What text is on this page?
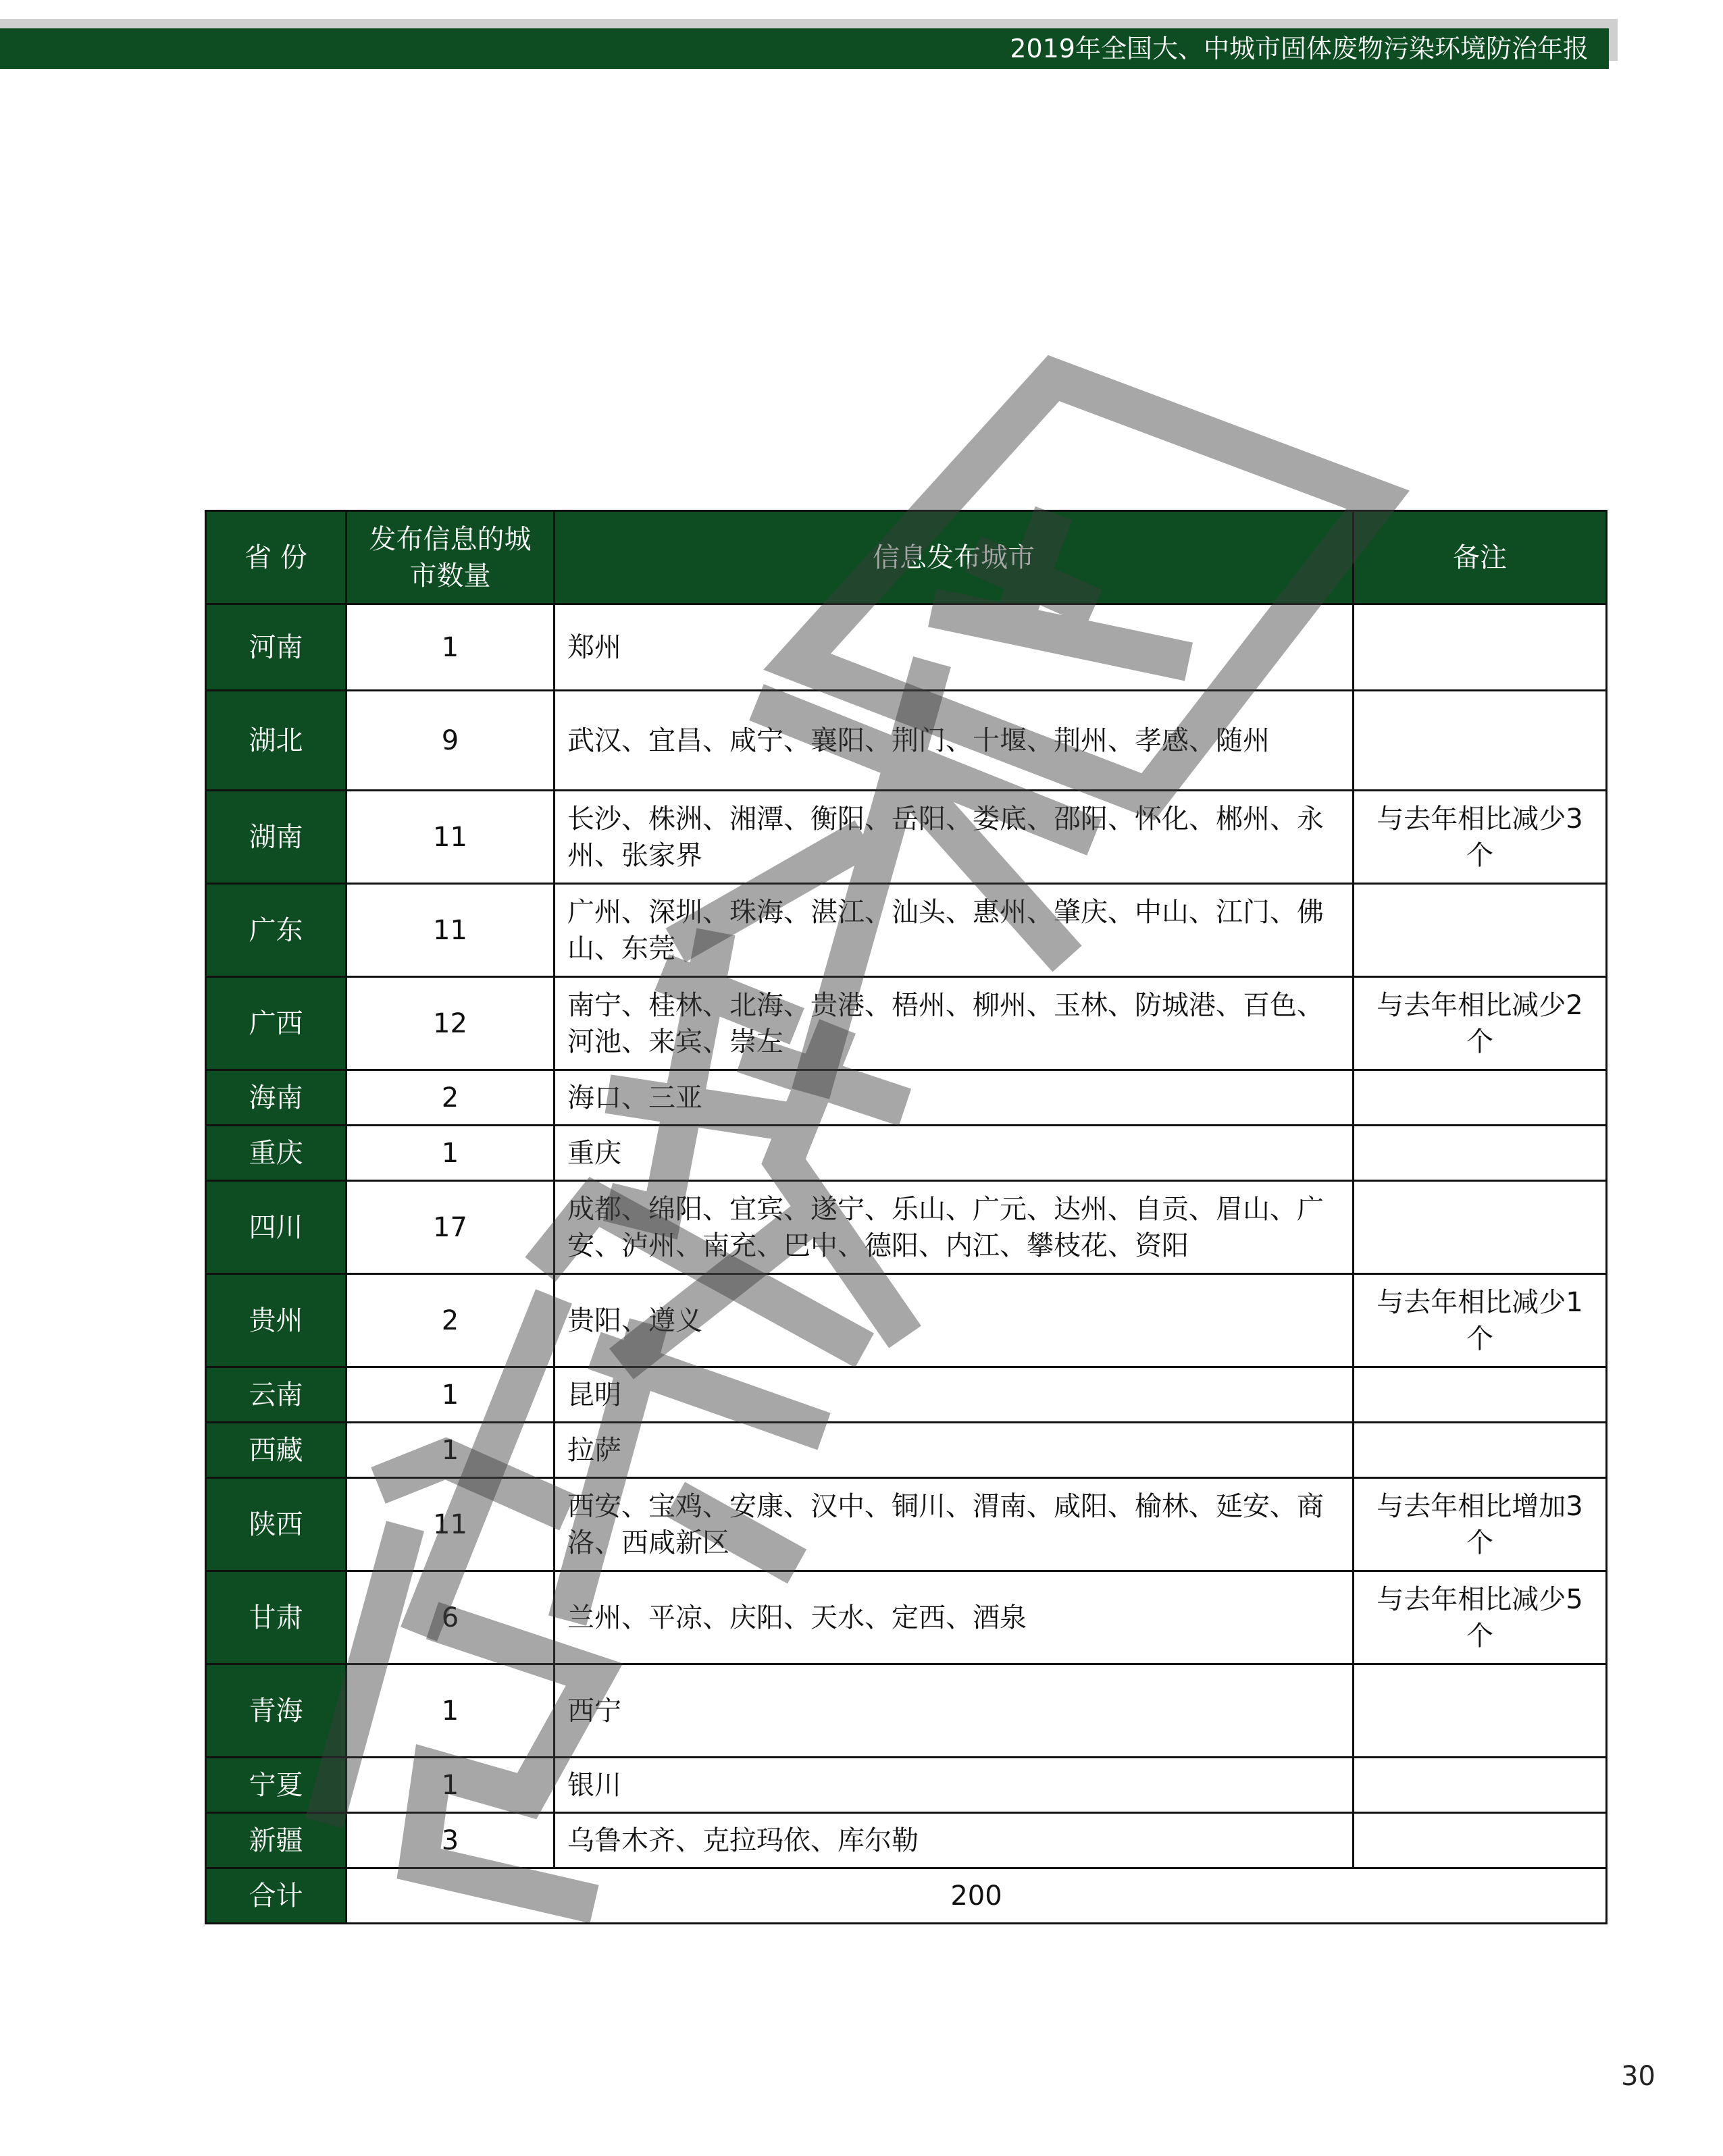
2019年全国大、中城市固体废物污染环境防治年报
省 份	发布信息的城市数量	信息发布城市	备注
河南	1	郑州	
湖北	9	武汉、宜昌、咸宁、襄阳、荆门、十堰、荆州、孝感、随州	
湖南	11	长沙、株洲、湘潭、衡阳、岳阳、娄底、邵阳、怀化、郴州、永州、张家界	与去年相比减少3个
广东	11	广州、深圳、珠海、湛江、汕头、惠州、肇庆、中山、江门、佛山、东莞	
广西	12	南宁、桂林、北海、贵港、梧州、柳州、玉林、防城港、百色、河池、来宾、崇左	与去年相比减少2个
海南	2	海口、三亚	
重庆	1	重庆	
四川	17	成都、绵阳、宜宾、遂宁、乐山、广元、达州、自贡、眉山、广安、泸州、南充、巴中、德阳、内江、攀枝花、资阳	
贵州	2	贵阳、遵义	与去年相比减少1个
云南	1	昆明	
西藏	1	拉萨	
陕西	11	西安、宝鸡、安康、汉中、铜川、渭南、咸阳、榆林、延安、商洛、西咸新区	与去年相比增加3个
甘肃	6	兰州、平凉、庆阳、天水、定西、酒泉	与去年相比减少5个
青海	1	西宁	
宁夏	1	银川	
新疆	3	乌鲁木齐、克拉玛依、库尔勒	
合计	200		
30
